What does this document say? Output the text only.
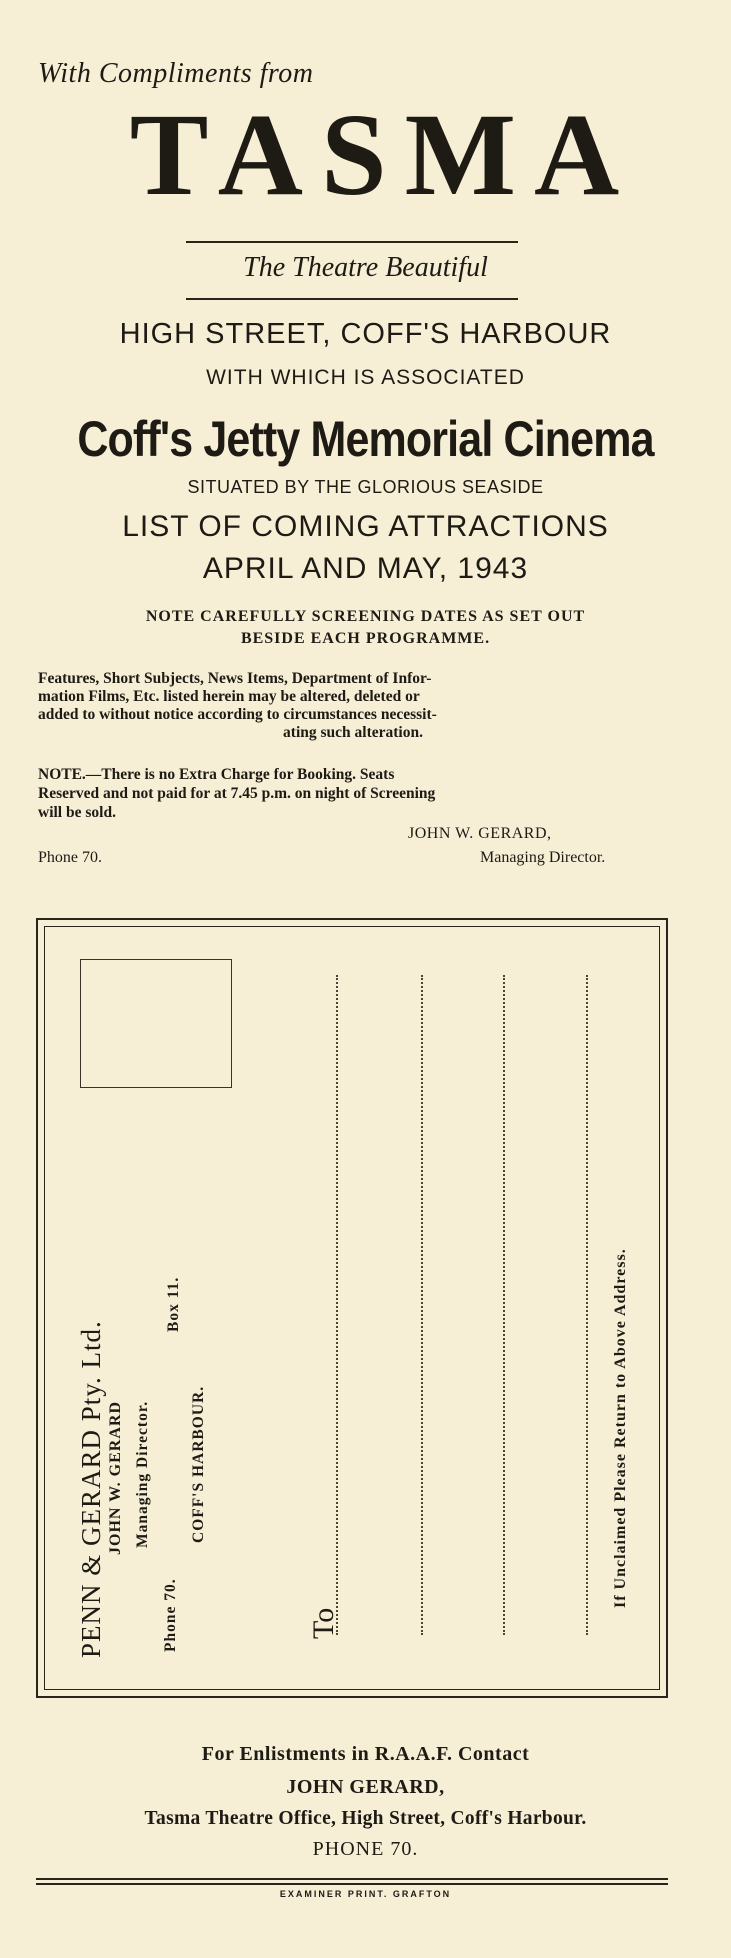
With Compliments from
TASMA
The Theatre Beautiful
HIGH STREET, COFF'S HARBOUR
WITH WHICH IS ASSOCIATED
Coff's Jetty Memorial Cinema
SITUATED BY THE GLORIOUS SEASIDE
LIST OF COMING ATTRACTIONS
APRIL AND MAY, 1943
NOTE CAREFULLY SCREENING DATES AS SET OUT
BESIDE EACH PROGRAMME.
Features, Short Subjects, News Items, Department of Infor-
mation Films, Etc. listed herein may be altered, deleted or
added to without notice according to circumstances necessit-
ating such alteration.
NOTE.—There is no Extra Charge for Booking. Seats
Reserved and not paid for at 7.45 p.m. on night of Screening
will be sold.
JOHN W. GERARD,
Phone 70.	Managing Director.
PENN & GERARD Pty. Ltd. JOHN W. GERARD Managing Director.
Box 11.
Phone 70.
COFF'S HARBOUR.
To
If Unclaimed Please Return to Above Address.
For Enlistments in R.A.A.F. Contact
JOHN GERARD,
Tasma Theatre Office, High Street, Coff's Harbour.
PHONE 70.
EXAMINER PRINT. GRAFTON
